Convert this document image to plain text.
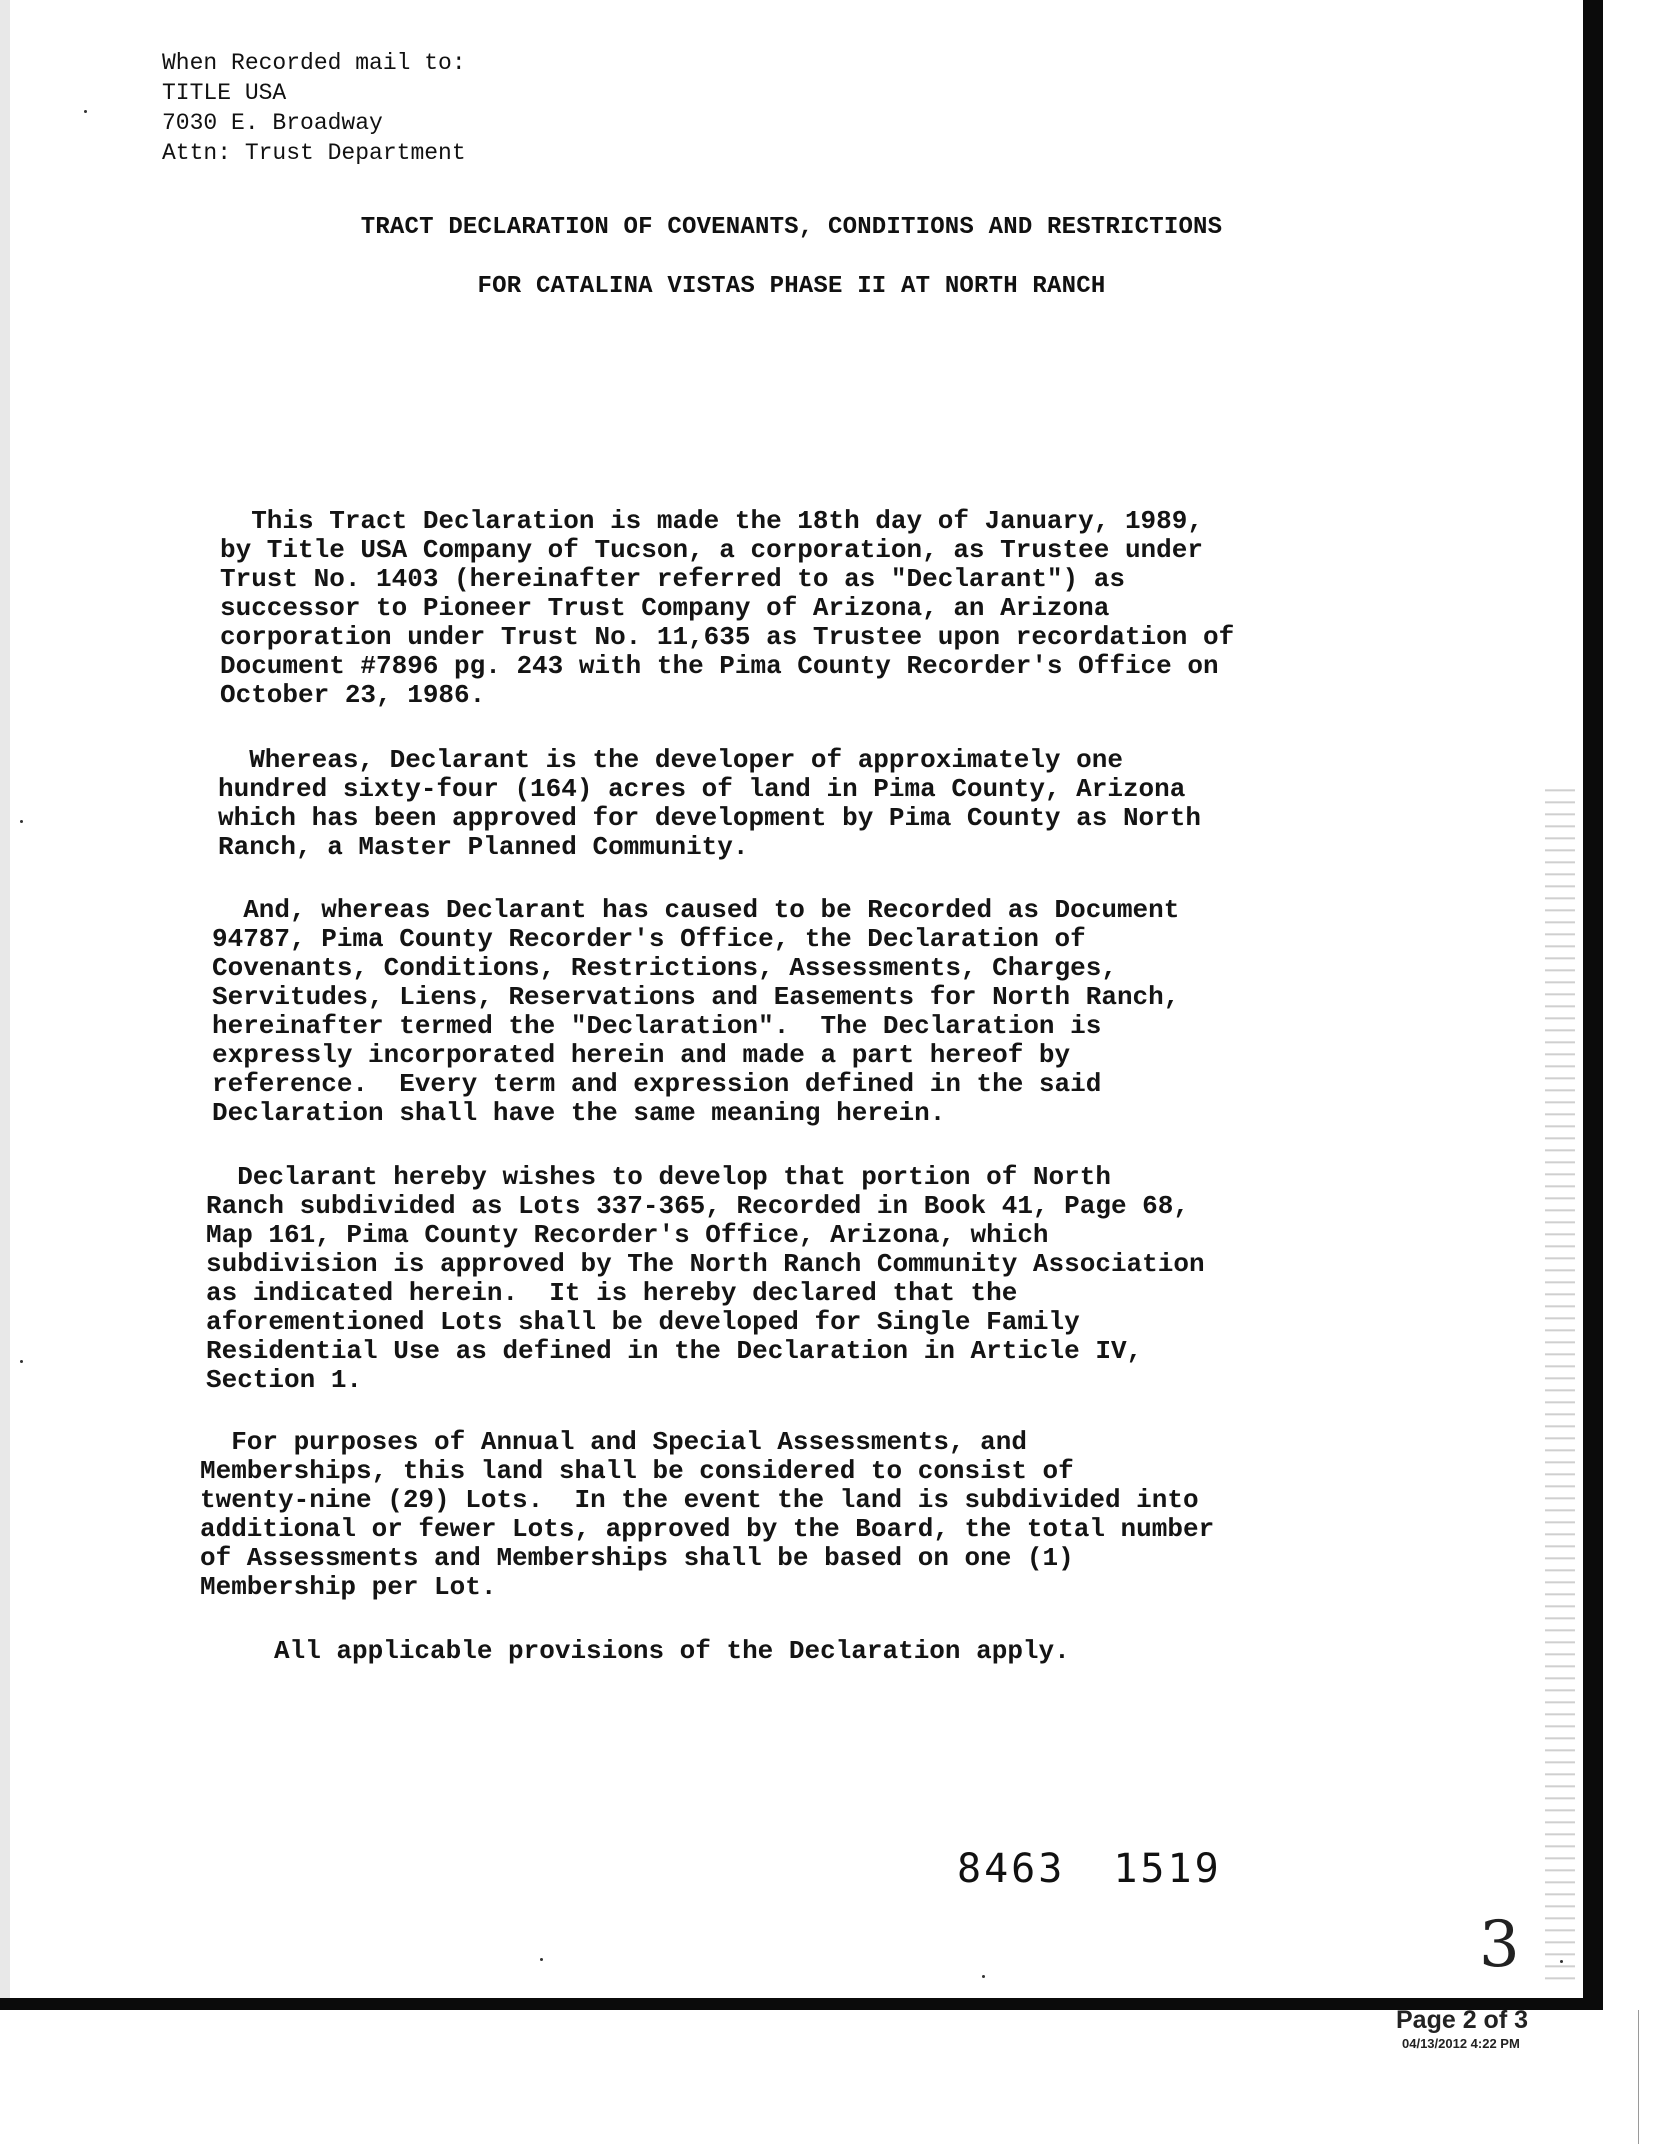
When Recorded mail to:
TITLE USA
7030 E. Broadway
Attn: Trust Department
TRACT DECLARATION OF COVENANTS, CONDITIONS AND RESTRICTIONS
FOR CATALINA VISTAS PHASE II AT NORTH RANCH
This Tract Declaration is made the 18th day of January, 1989,
by Title USA Company of Tucson, a corporation, as Trustee under
Trust No. 1403 (hereinafter referred to as "Declarant") as
successor to Pioneer Trust Company of Arizona, an Arizona
corporation under Trust No. 11,635 as Trustee upon recordation of
Document #7896 pg. 243 with the Pima County Recorder's Office on
October 23, 1986.
Whereas, Declarant is the developer of approximately one
hundred sixty-four (164) acres of land in Pima County, Arizona
which has been approved for development by Pima County as North
Ranch, a Master Planned Community.
And, whereas Declarant has caused to be Recorded as Document
94787, Pima County Recorder's Office, the Declaration of
Covenants, Conditions, Restrictions, Assessments, Charges,
Servitudes, Liens, Reservations and Easements for North Ranch,
hereinafter termed the "Declaration".  The Declaration is
expressly incorporated herein and made a part hereof by
reference.  Every term and expression defined in the said
Declaration shall have the same meaning herein.
Declarant hereby wishes to develop that portion of North
Ranch subdivided as Lots 337-365, Recorded in Book 41, Page 68,
Map 161, Pima County Recorder's Office, Arizona, which
subdivision is approved by The North Ranch Community Association
as indicated herein.  It is hereby declared that the
aforementioned Lots shall be developed for Single Family
Residential Use as defined in the Declaration in Article IV,
Section 1.
For purposes of Annual and Special Assessments, and
Memberships, this land shall be considered to consist of
twenty-nine (29) Lots.  In the event the land is subdivided into
additional or fewer Lots, approved by the Board, the total number
of Assessments and Memberships shall be based on one (1)
Membership per Lot.
All applicable provisions of the Declaration apply.
8463 1519
3
Page 2 of 3
04/13/2012 4:22 PM
